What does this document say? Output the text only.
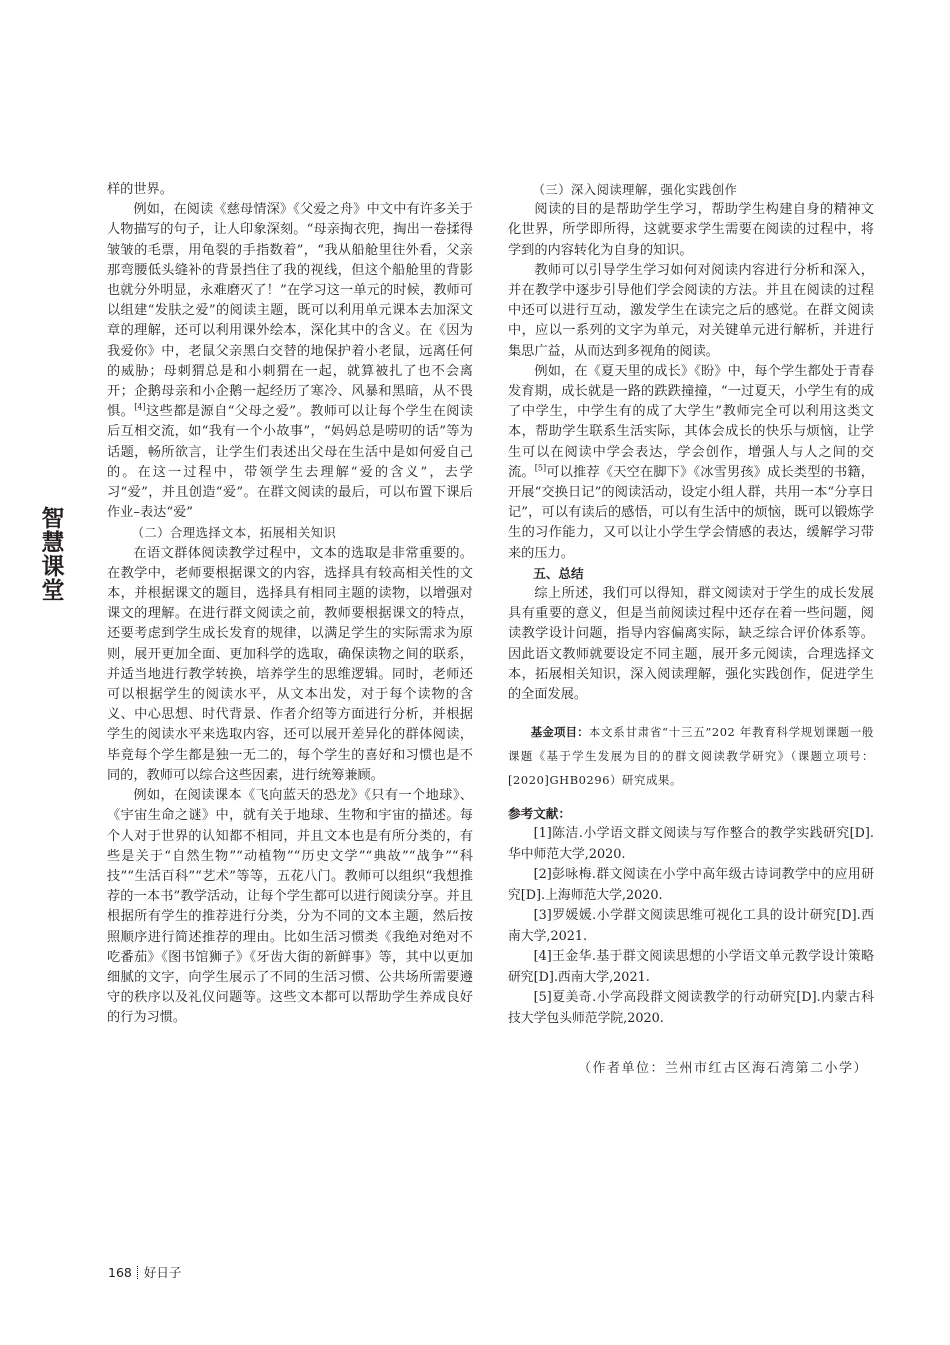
智
慧
课
堂

样的世界。

例如，在阅读《慈母情深》《父爱之舟》中文中有许多关于人物描写的句子，让人印象深刻。“母亲掏衣兜，掏出一卷揉得皱皱的毛票，用龟裂的手指数着”，“我从船舱里往外看，父亲那弯腰低头缝补的背景挡住了我的视线，但这个船舱里的背影也就分外明显，永难磨灭了！”在学习这一单元的时候，教师可以组建“发肤之爱”的阅读主题，既可以利用单元课本去加深文章的理解，还可以利用课外绘本，深化其中的含义。在《因为我爱你》中，老鼠父亲黑白交替的地保护着小老鼠，远离任何的威胁；母刺猬总是和小刺猬在一起，就算被扎了也不会离开；企鹅母亲和小企鹅一起经历了寒冷、风暴和黑暗，从不畏惧。[4]这些都是源自“父母之爱”。教师可以让每个学生在阅读后互相交流，如“我有一个小故事”，“妈妈总是唠叨的话”等为话题，畅所欲言，让学生们表述出父母在生活中是如何爱自己的。在这一过程中，带领学生去理解“爱的含义”，去学习“爱”，并且创造“爱”。在群文阅读的最后，可以布置下课后作业–表达“爱”

（二）合理选择文本，拓展相关知识

在语文群体阅读教学过程中，文本的选取是非常重要的。在教学中，老师要根据课文的内容，选择具有较高相关性的文本，并根据课文的题目，选择具有相同主题的读物，以增强对课文的理解。在进行群文阅读之前，教师要根据课文的特点，还要考虑到学生成长发育的规律，以满足学生的实际需求为原则，展开更加全面、更加科学的选取，确保读物之间的联系，并适当地进行教学转换，培养学生的思维逻辑。同时，老师还可以根据学生的阅读水平，从文本出发，对于每个读物的含义、中心思想、时代背景、作者介绍等方面进行分析，并根据学生的阅读水平来选取内容，还可以展开差异化的群体阅读，毕竟每个学生都是独一无二的，每个学生的喜好和习惯也是不同的，教师可以综合这些因素，进行统筹兼顾。

例如，在阅读课本《飞向蓝天的恐龙》《只有一个地球》、《宇宙生命之谜》中，就有关于地球、生物和宇宙的描述。每个人对于世界的认知都不相同，并且文本也是有所分类的，有些是关于“自然生物”“动植物”“历史文学”“典故”“战争”“科技”“生活百科”“艺术”等等，五花八门。教师可以组织“我想推荐的一本书”教学活动，让每个学生都可以进行阅读分享。并且根据所有学生的推荐进行分类，分为不同的文本主题，然后按照顺序进行简述推荐的理由。比如生活习惯类《我绝对绝对不吃番茄》《图书馆狮子》《牙齿大街的新鲜事》等，其中以更加细腻的文字，向学生展示了不同的生活习惯、公共场所需要遵守的秩序以及礼仪问题等。这些文本都可以帮助学生养成良好的行为习惯。

（三）深入阅读理解，强化实践创作

阅读的目的是帮助学生学习，帮助学生构建自身的精神文化世界，所学即所得，这就要求学生需要在阅读的过程中，将学到的内容转化为自身的知识。

教师可以引导学生学习如何对阅读内容进行分析和深入，并在教学中逐步引导他们学会阅读的方法。并且在阅读的过程中还可以进行互动，激发学生在读完之后的感觉。在群文阅读中，应以一系列的文字为单元，对关键单元进行解析，并进行集思广益，从而达到多视角的阅读。

例如，在《夏天里的成长》《盼》中，每个学生都处于青春发育期，成长就是一路的跌跌撞撞，“一过夏天，小学生有的成了中学生，中学生有的成了大学生”教师完全可以利用这类文本，帮助学生联系生活实际，其体会成长的快乐与烦恼，让学生可以在阅读中学会表达，学会创作，增强人与人之间的交流。[5]可以推荐《天空在脚下》《冰雪男孩》成长类型的书籍，开展“交换日记”的阅读活动，设定小组人群，共用一本“分享日记”，可以有读后的感悟，可以有生活中的烦恼，既可以锻炼学生的习作能力，又可以让小学生学会情感的表达，缓解学习带来的压力。

五、总结

综上所述，我们可以得知，群文阅读对于学生的成长发展具有重要的意义，但是当前阅读过程中还存在着一些问题，阅读教学设计问题，指导内容偏离实际，缺乏综合评价体系等。因此语文教师就要设定不同主题，展开多元阅读，合理选择文本，拓展相关知识，深入阅读理解，强化实践创作，促进学生的全面发展。

基金项目：本文系甘肃省“十三五”202 年教育科学规划课题一般课题《基于学生发展为目的的群文阅读教学研究》（课题立项号：[2020]GHB0296）研究成果。

参考文献：

[1]陈洁.小学语文群文阅读与写作整合的教学实践研究[D].华中师范大学,2020.

[2]彭咏梅.群文阅读在小学中高年级古诗词教学中的应用研究[D].上海师范大学,2020.

[3]罗媛媛.小学群文阅读思维可视化工具的设计研究[D].西南大学,2021.

[4]王金华.基于群文阅读思想的小学语文单元教学设计策略研究[D].西南大学,2021.

[5]夏美奇.小学高段群文阅读教学的行动研究[D].内蒙古科技大学包头师范学院,2020.

（作者单位：兰州市红古区海石湾第二小学）

168 好日子
